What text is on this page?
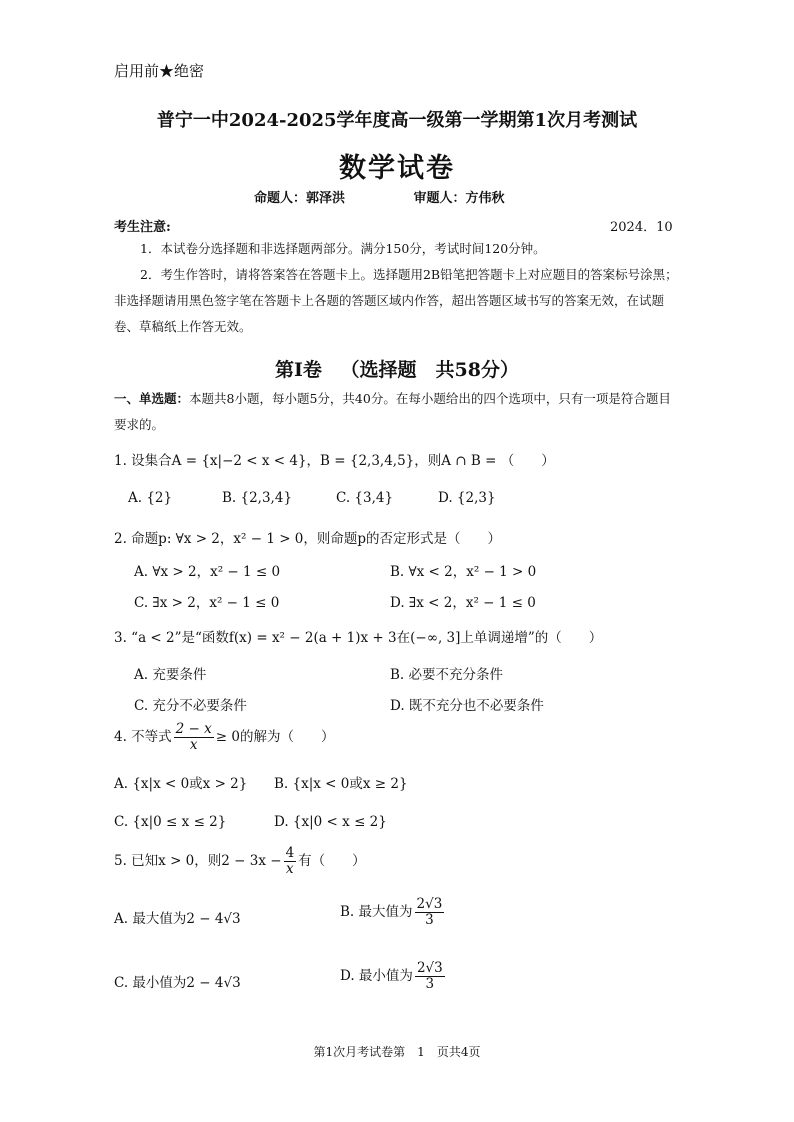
启用前★绝密
普宁一中2024-2025学年度高一级第一学期第1次月考测试
数学试卷
命题人：郭泽洪	审题人：方伟秋
考生注意:	2024．10
1．本试卷分选择题和非选择题两部分。满分150分，考试时间120分钟。
2．考生作答时，请将答案答在答题卡上。选择题用2B铅笔把答题卡上对应题目的答案标号涂黑；非选择题请用黑色签字笔在答题卡上各题的答题区域内作答，超出答题区域书写的答案无效，在试题卷、草稿纸上作答无效。
第Ⅰ卷 （选择题　共58分）
一、单选题：本题共8小题，每小题5分，共40分。在每小题给出的四个选项中，只有一项是符合题目要求的。
1. 设集合A = {x|−2 < x < 4}，B = {2,3,4,5}，则A ∩ B = （　　）
A. {2}	B. {2,3,4}	C. {3,4}	D. {2,3}
2. 命题p: ∀x > 2，x² − 1 > 0，则命题p的否定形式是（　　）
A. ∀x > 2，x² − 1 ≤ 0	B. ∀x < 2，x² − 1 > 0
C. ∃x > 2，x² − 1 ≤ 0	D. ∃x < 2，x² − 1 ≤ 0
3. “a < 2”是“函数f(x) = x² − 2(a + 1)x + 3在(−∞, 3]上单调递增”的（　　）
A. 充要条件	B. 必要不充分条件
C. 充分不必要条件	D. 既不充分也不必要条件
4. 不等式 $\frac{2 - x}{x} \ge 0$的解为（　　）
A. {x|x < 0或x > 2} B. {x|x < 0或x ≥ 2}
C. {x|0 ≤ x ≤ 2}	D. {x|0 < x ≤ 2}
5. 已知x > 0，则$2 - 3x - \frac{4}{x}$ 有（　　）
A. 最大值为2 − 4√3	B. 最大值为 $\frac{2√3}{3}$
C. 最小值为2 − 4√3	D. 最小值为 $\frac{2√3}{3}$
第1次月考试卷第　1　页共4页
